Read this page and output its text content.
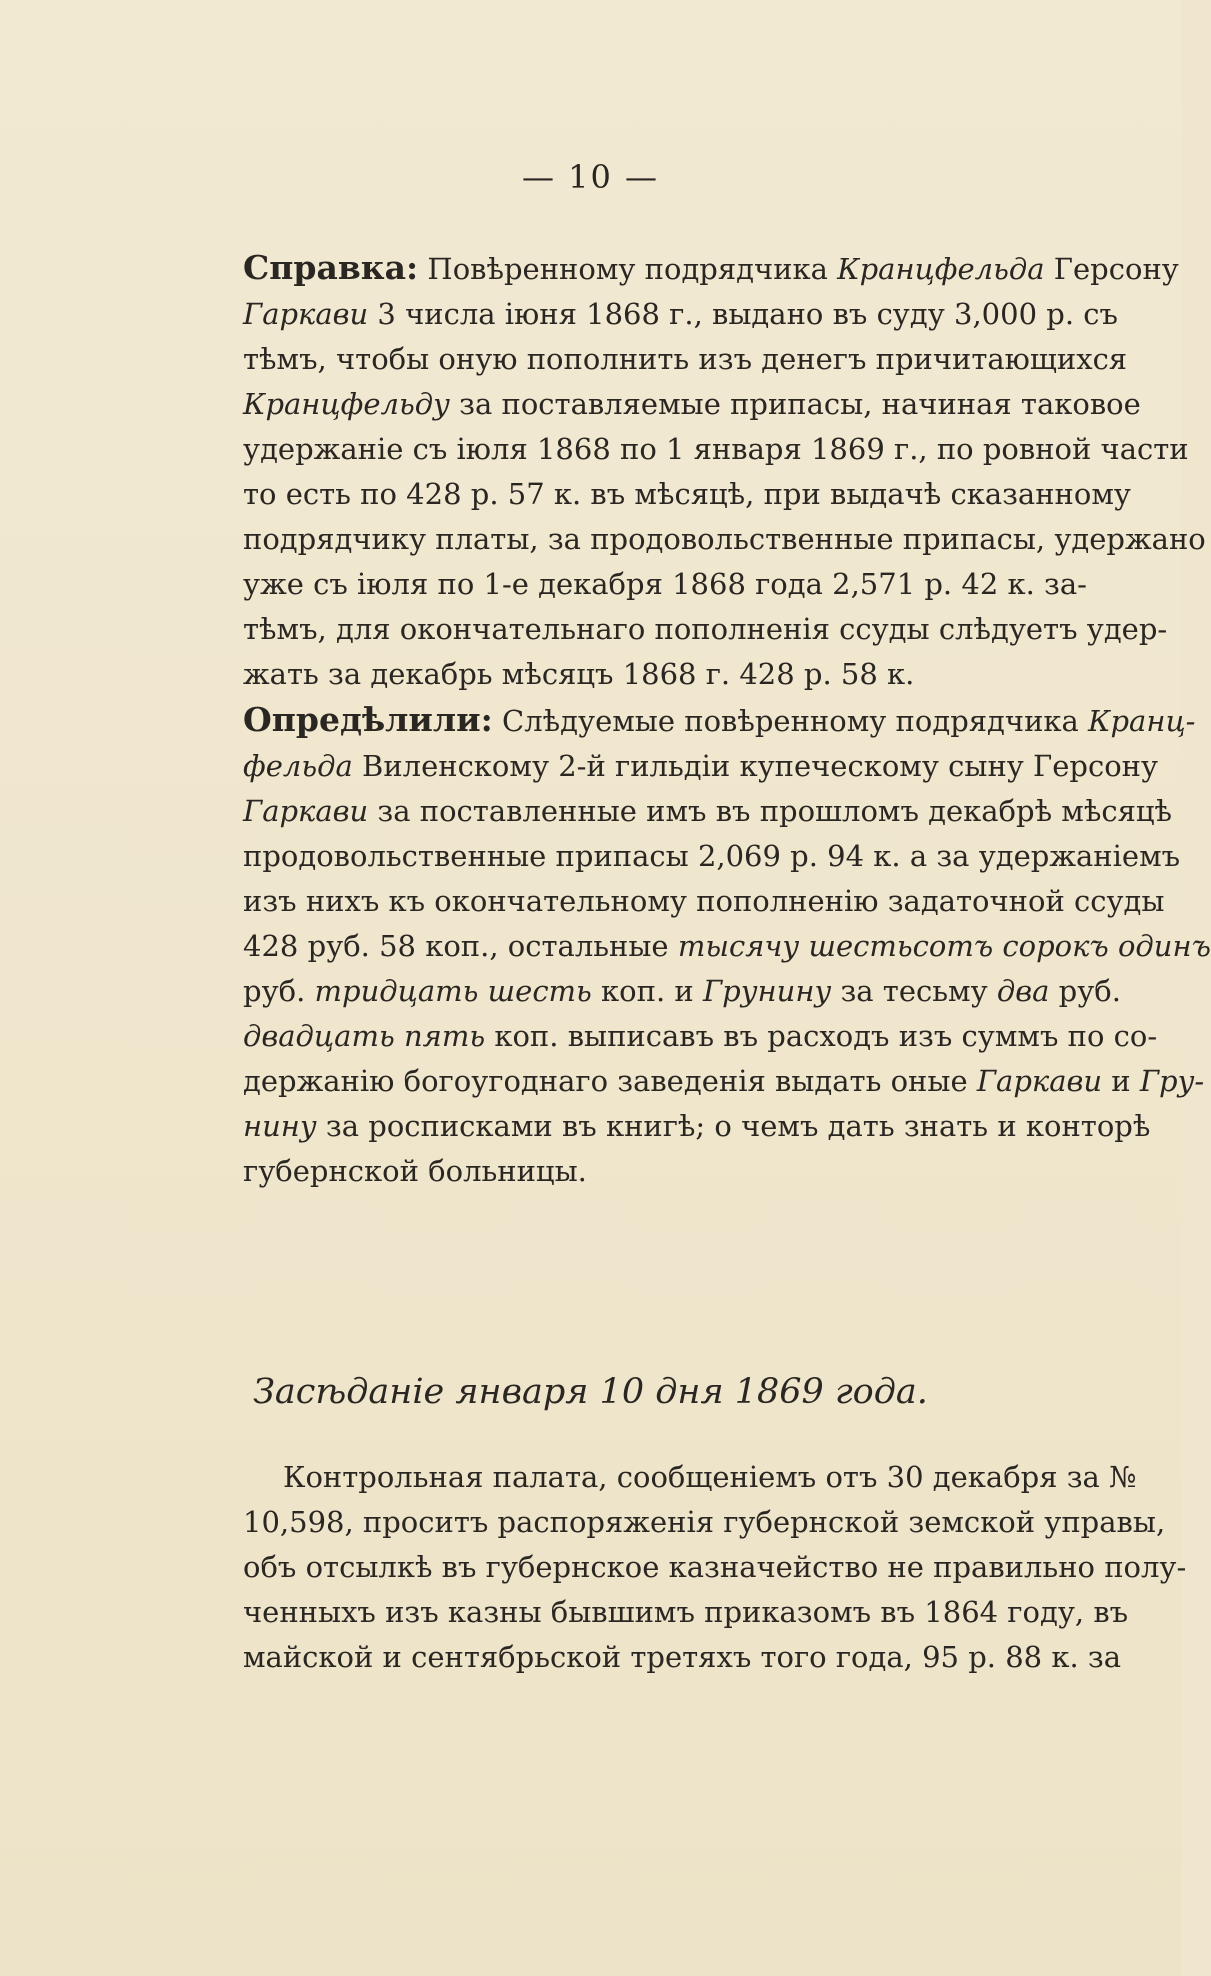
— 10 —
Справка: Повѣренному подрядчика Кранцфельда Герсону
Гаркави 3 числа іюня 1868 г., выдано въ суду 3,000 р. съ
тѣмъ, чтобы оную пополнить изъ денегъ причитающихся
Кранцфельду за поставляемые припасы, начиная таковое
удержаніе съ іюля 1868 по 1 января 1869 г., по ровной части
то есть по 428 р. 57 к. въ мѣсяцѣ, при выдачѣ сказанному
подрядчику платы, за продовольственные припасы, удержано
уже съ іюля по 1-е декабря 1868 года 2,571 р. 42 к. за-
тѣмъ, для окончательнаго пополненія ссуды слѣдуетъ удер-
жать за декабрь мѣсяцъ 1868 г. 428 р. 58 к.
Опредѣлили: Слѣдуемые повѣренному подрядчика Кранц-
фельда Виленскому 2-й гильдіи купеческому сыну Герсону
Гаркави за поставленные имъ въ прошломъ декабрѣ мѣсяцѣ
продовольственные припасы 2,069 р. 94 к. а за удержаніемъ
изъ нихъ къ окончательному пополненію задаточной ссуды
428 руб. 58 коп., остальные тысячу шестьсотъ сорокъ одинъ
руб. тридцать шесть коп. и Грунину за тесьму два руб.
двадцать пять коп. выписавъ въ расходъ изъ суммъ по со-
держанію богоугоднаго заведенія выдать оные Гаркави и Гру-
нину за росписками въ книгѣ; о чемъ дать знать и конторѣ
губернской больницы.
Засѣданіе января 10 дня 1869 года.
Контрольная палата, сообщеніемъ отъ 30 декабря за №
10,598, проситъ распоряженія губернской земской управы,
объ отсылкѣ въ губернское казначейство не правильно полу-
ченныхъ изъ казны бывшимъ приказомъ въ 1864 году, въ
майской и сентябрьской третяхъ того года, 95 р. 88 к. за
